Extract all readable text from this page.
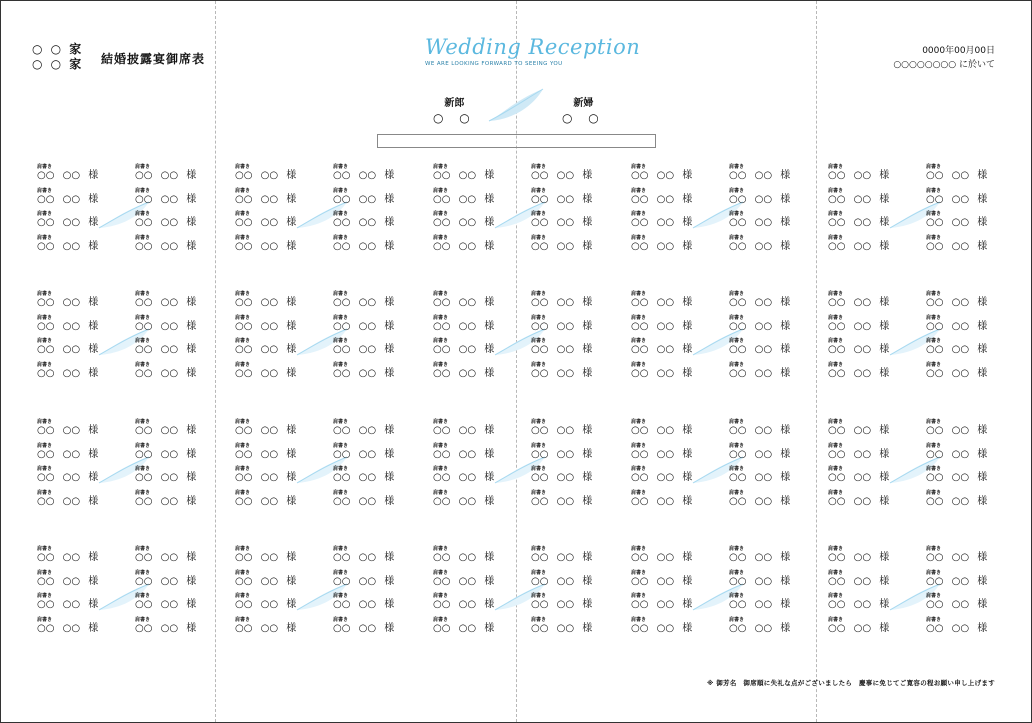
○ ○ 家
○ ○ 家 結婚披露宴御席表	Wedding Reception
WE ARE LOOKING FORWARD TO SEEING YOU
新郎
○ ○
新婦
○ ○
0000年00月00日
○○○○○○○○ に於いて
肩書き
○○ ○○ 様
肩書き
○○ ○○ 様
肩書き
○○ ○○ 様
肩書き
○○ ○○ 様
肩書き
○○ ○○ 様
肩書き
○○ ○○ 様
肩書き
○○ ○○ 様
肩書き
○○ ○○ 様
肩書き
○○ ○○ 様
肩書き
○○ ○○ 様
肩書き
○○ ○○ 様
肩書き
○○ ○○ 様
肩書き
○○ ○○ 様
肩書き
○○ ○○ 様
肩書き
○○ ○○ 様
肩書き
○○ ○○ 様
肩書き
○○ ○○ 様
肩書き
○○ ○○ 様
肩書き
○○ ○○ 様
肩書き
○○ ○○ 様
肩書き
○○ ○○ 様
肩書き
○○ ○○ 様
肩書き
○○ ○○ 様
肩書き
○○ ○○ 様
肩書き
○○ ○○ 様
肩書き
○○ ○○ 様
肩書き
○○ ○○ 様
肩書き
○○ ○○ 様
肩書き
○○ ○○ 様
肩書き
○○ ○○ 様
肩書き
○○ ○○ 様
肩書き
○○ ○○ 様
肩書き
○○ ○○ 様
肩書き
○○ ○○ 様
肩書き
○○ ○○ 様
肩書き
○○ ○○ 様
肩書き
○○ ○○ 様
肩書き
○○ ○○ 様
肩書き
○○ ○○ 様
肩書き
○○ ○○ 様
肩書き
○○ ○○ 様
肩書き
○○ ○○ 様
肩書き
○○ ○○ 様
肩書き
○○ ○○ 様
肩書き
○○ ○○ 様
肩書き
○○ ○○ 様
肩書き
○○ ○○ 様
肩書き
○○ ○○ 様
肩書き
○○ ○○ 様
肩書き
○○ ○○ 様
肩書き
○○ ○○ 様
肩書き
○○ ○○ 様
肩書き
○○ ○○ 様
肩書き
○○ ○○ 様
肩書き
○○ ○○ 様
肩書き
○○ ○○ 様
肩書き
○○ ○○ 様
肩書き
○○ ○○ 様
肩書き
○○ ○○ 様
肩書き
○○ ○○ 様
肩書き
○○ ○○ 様
肩書き
○○ ○○ 様
肩書き
○○ ○○ 様
肩書き
○○ ○○ 様
肩書き
○○ ○○ 様
肩書き
○○ ○○ 様
肩書き
○○ ○○ 様
肩書き
○○ ○○ 様
肩書き
○○ ○○ 様
肩書き
○○ ○○ 様
肩書き
○○ ○○ 様
肩書き
○○ ○○ 様
肩書き
○○ ○○ 様
肩書き
○○ ○○ 様
肩書き
○○ ○○ 様
肩書き
○○ ○○ 様
肩書き
○○ ○○ 様
肩書き
○○ ○○ 様
肩書き
○○ ○○ 様
肩書き
○○ ○○ 様
肩書き
○○ ○○ 様
肩書き
○○ ○○ 様
肩書き
○○ ○○ 様
肩書き
○○ ○○ 様
肩書き
○○ ○○ 様
肩書き
○○ ○○ 様
肩書き
○○ ○○ 様
肩書き
○○ ○○ 様
肩書き
○○ ○○ 様
肩書き
○○ ○○ 様
肩書き
○○ ○○ 様
肩書き
○○ ○○ 様
肩書き
○○ ○○ 様
肩書き
○○ ○○ 様
肩書き
○○ ○○ 様
肩書き
○○ ○○ 様
肩書き
○○ ○○ 様
肩書き
○○ ○○ 様
肩書き
○○ ○○ 様
肩書き
○○ ○○ 様
肩書き
○○ ○○ 様
肩書き
○○ ○○ 様
肩書き
○○ ○○ 様
肩書き
○○ ○○ 様
肩書き
○○ ○○ 様
肩書き
○○ ○○ 様
肩書き
○○ ○○ 様
肩書き
○○ ○○ 様
肩書き
○○ ○○ 様
肩書き
○○ ○○ 様
肩書き
○○ ○○ 様
肩書き
○○ ○○ 様
肩書き
○○ ○○ 様
肩書き
○○ ○○ 様
肩書き
○○ ○○ 様
肩書き
○○ ○○ 様
肩書き
○○ ○○ 様
肩書き
○○ ○○ 様
肩書き
○○ ○○ 様
肩書き
○○ ○○ 様
肩書き
○○ ○○ 様
肩書き
○○ ○○ 様
肩書き
○○ ○○ 様
肩書き
○○ ○○ 様
肩書き
○○ ○○ 様
肩書き
○○ ○○ 様
肩書き
○○ ○○ 様
肩書き
○○ ○○ 様
肩書き
○○ ○○ 様
肩書き
○○ ○○ 様
肩書き
○○ ○○ 様
肩書き
○○ ○○ 様
肩書き
○○ ○○ 様
肩書き
○○ ○○ 様
肩書き
○○ ○○ 様
肩書き
○○ ○○ 様
肩書き
○○ ○○ 様
肩書き
○○ ○○ 様
肩書き
○○ ○○ 様
肩書き
○○ ○○ 様
肩書き
○○ ○○ 様
肩書き
○○ ○○ 様
肩書き
○○ ○○ 様
肩書き
○○ ○○ 様
肩書き
○○ ○○ 様
肩書き
○○ ○○ 様
肩書き
○○ ○○ 様
肩書き
○○ ○○ 様
肩書き
○○ ○○ 様
肩書き
○○ ○○ 様
肩書き
○○ ○○ 様
肩書き
○○ ○○ 様
肩書き
○○ ○○ 様
肩書き
○○ ○○ 様
肩書き
○○ ○○ 様
肩書き
○○ ○○ 様
肩書き
○○ ○○ 様
肩書き
○○ ○○ 様
肩書き
○○ ○○ 様
肩書き
○○ ○○ 様
※ 御芳名　御席順に失礼な点がございましたら　慶事に免じてご寛容の程お願い申し上げます
